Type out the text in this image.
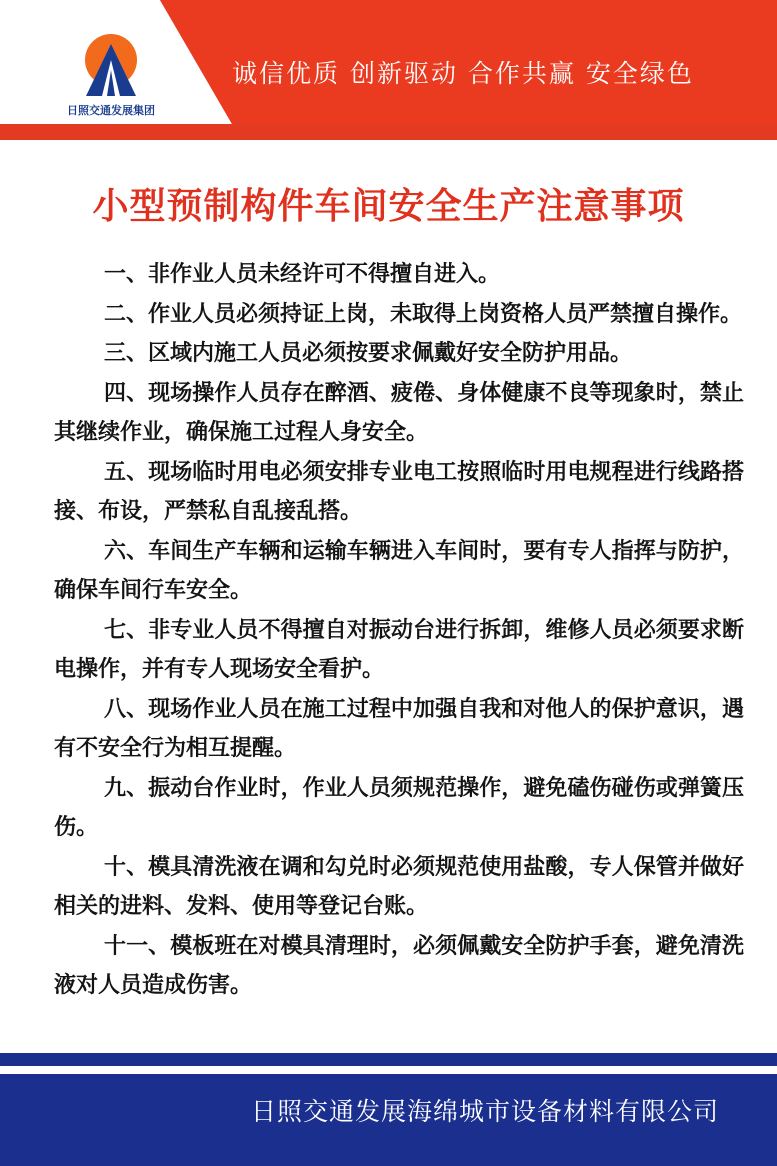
日照交通发展集团
诚信优质 创新驱动 合作共赢 安全绿色
小型预制构件车间安全生产注意事项

一、非作业人员未经许可不得擅自进入。

二、作业人员必须持证上岗，未取得上岗资格人员严禁擅自操作。

三、区域内施工人员必须按要求佩戴好安全防护用品。

四、现场操作人员存在醉酒、疲倦、身体健康不良等现象时，禁止其继续作业，确保施工过程人身安全。

五、现场临时用电必须安排专业电工按照临时用电规程进行线路搭接、布设，严禁私自乱接乱搭。

六、车间生产车辆和运输车辆进入车间时，要有专人指挥与防护，确保车间行车安全。

七、非专业人员不得擅自对振动台进行拆卸，维修人员必须要求断电操作，并有专人现场安全看护。

八、现场作业人员在施工过程中加强自我和对他人的保护意识，遇有不安全行为相互提醒。

九、振动台作业时，作业人员须规范操作，避免磕伤碰伤或弹簧压伤。

十、模具清洗液在调和勾兑时必须规范使用盐酸，专人保管并做好相关的进料、发料、使用等登记台账。

十一、模板班在对模具清理时，必须佩戴安全防护手套，避免清洗液对人员造成伤害。

日照交通发展海绵城市设备材料有限公司
